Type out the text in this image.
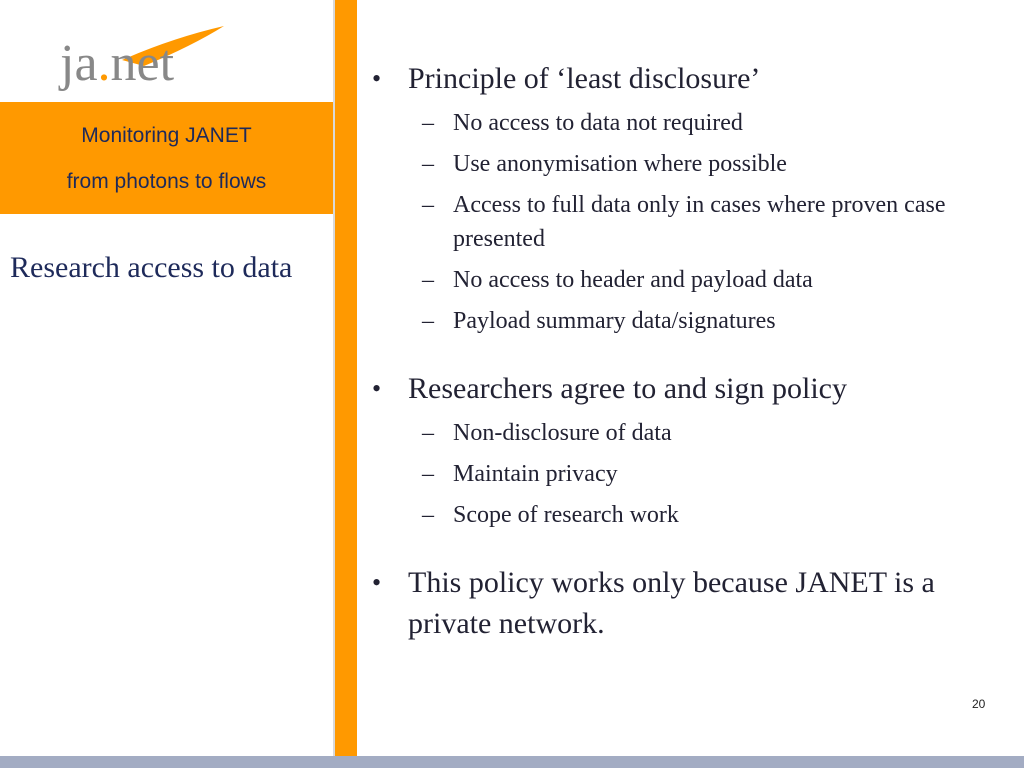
ja.net
Monitoring JANET
from photons to flows
Research access to data
• Principle of ‘least disclosure’
– No access to data not required
– Use anonymisation where possible
– Access to full data only in cases where proven case presented
– No access to header and payload data
– Payload summary data/signatures
• Researchers agree to and sign policy
– Non-disclosure of data
– Maintain privacy
– Scope of research work
• This policy works only because JANET is a private network.
20
